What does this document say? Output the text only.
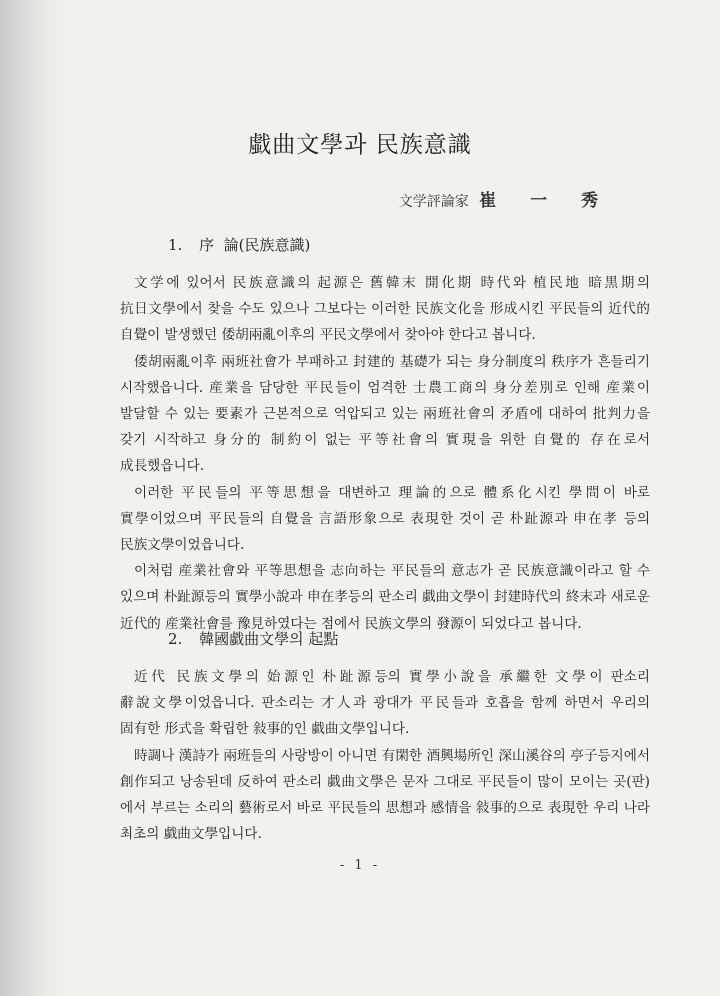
戱曲文學과 民族意識
文学評論家 崔 一 秀
1. 序  論(民族意識)

文学에 있어서 民族意識의 起源은 舊韓末 開化期 時代와 植民地 暗黒期의 抗日文學에서 찾을 수도 있으나 그보다는 이러한 民族文化을 形成시킨 平民들의 近代的 自覺이 발생했던 倭胡兩亂이후의 平民文學에서 찾아야 한다고 봅니다.

倭胡兩亂이후 兩班社會가 부패하고 封建的 基礎가 되는 身分制度의 秩序가 흔들리기 시작했읍니다. 産業을 담당한 平民들이 엄격한 士農工商의 身分差別로 인해 産業이 발달할 수 있는 要素가 근본적으로 억압되고 있는 兩班社會의 矛盾에 대하여 批判力을 갖기 시작하고 身分的 制約이 없는 平等社會의 實現을 위한 自覺的 存在로서 成長했읍니다.

이러한 平民들의 平等思想을 대변하고 理論的으로 體系化시킨 學問이 바로 實學이었으며 平民들의 自覺을 言語形象으로 表現한 것이 곧 朴趾源과 申在孝 등의 民族文學이었읍니다.

이처럼 産業社會와 平等思想을 志向하는 平民들의 意志가 곧 民族意識이라고 할 수 있으며 朴趾源등의 實學小說과 申在孝등의 판소리 戱曲文學이 封建時代의 終末과 새로운 近代的 産業社會를 豫見하였다는 점에서 民族文學의 發源이 되었다고 봅니다.

2. 韓國戱曲文學의 起點

近代 民族文學의 始源인 朴趾源등의 實學小說을 承繼한 文學이 판소리 辭說文學이었읍니다. 판소리는 才人과 광대가 平民들과 호흡을 함께 하면서 우리의 固有한 形式을 확립한 敍事的인 戱曲文學입니다.

時調나 漢詩가 兩班들의 사랑방이 아니면 有閑한 酒興場所인 深山溪谷의 亭子등지에서 創作되고 낭송된데 反하여 판소리 戱曲文學은 문자 그대로 平民들이 많이 모이는 곳(판)에서 부르는 소리의 藝術로서 바로 平民들의 思想과 感情을 敍事的으로 表現한 우리 나라 최초의 戱曲文學입니다.

- 1 -
